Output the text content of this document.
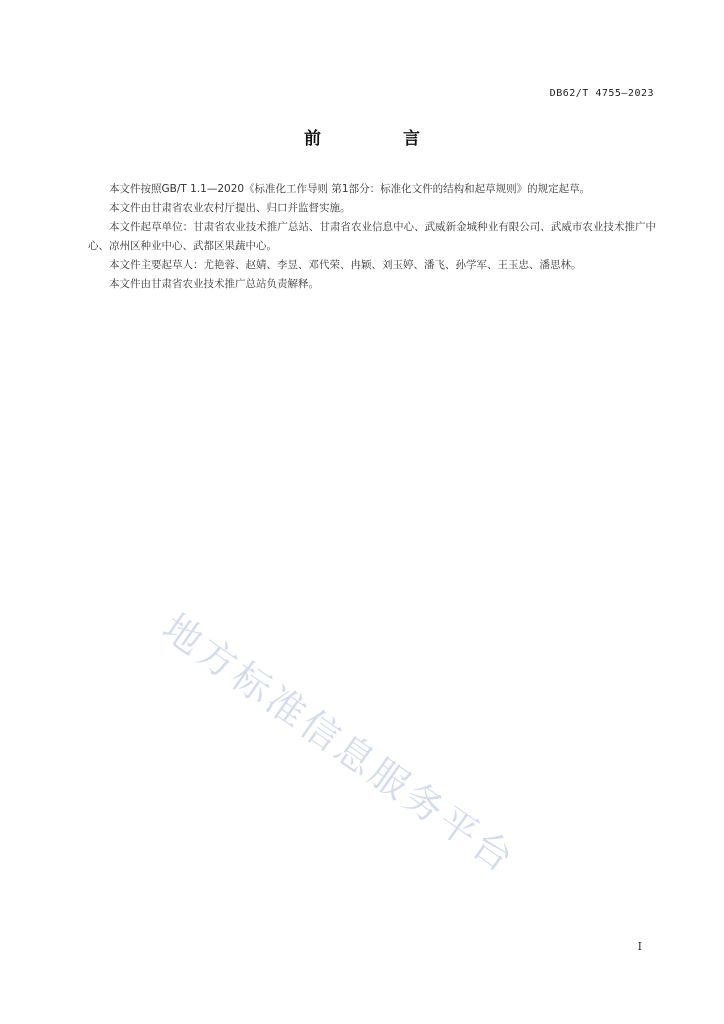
DB62/T 4755—2023
前 言

本文件按照GB/T 1.1—2020《标准化工作导则 第1部分：标准化文件的结构和起草规则》的规定起草。

本文件由甘肃省农业农村厅提出、归口并监督实施。

本文件起草单位：甘肃省农业技术推广总站、甘肃省农业信息中心、武威新金城种业有限公司、武威市农业技术推广中心、凉州区种业中心、武都区果蔬中心。

本文件主要起草人：尤艳蓉、赵婧、李昱、邓代荣、冉颖、刘玉婷、潘飞、孙学军、王玉忠、潘思林。

本文件由甘肃省农业技术推广总站负责解释。

地方标准信息服务平台
I
